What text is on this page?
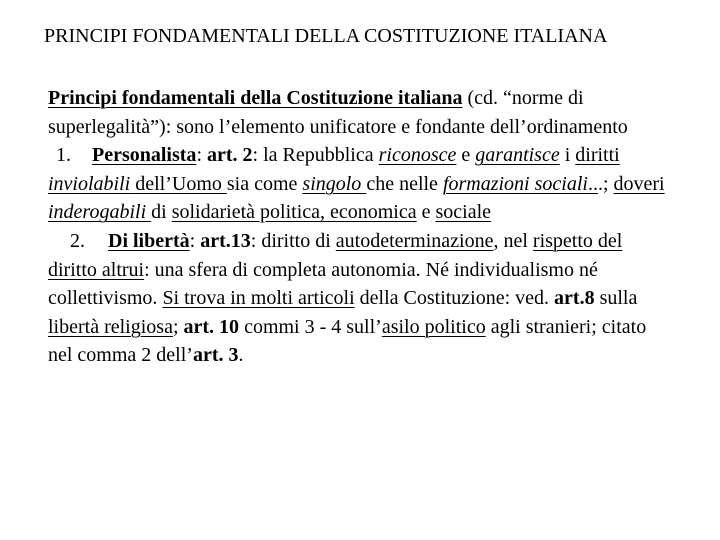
PRINCIPI FONDAMENTALI DELLA COSTITUZIONE ITALIANA

Principi fondamentali della Costituzione italiana (cd. “norme di superlegalità”): sono l’elemento unificatore e fondante dell’ordinamento

1. Personalista: art. 2: la Repubblica riconosce e garantisce i diritti inviolabili dell’Uomo sia come singolo che nelle formazioni sociali...; doveri inderogabili di solidarietà politica, economica e sociale

2. Di libertà: art.13: diritto di autodeterminazione, nel rispetto del diritto altrui: una sfera di completa autonomia. Né individualismo né collettivismo. Si trova in molti articoli della Costituzione: ved. art.8 sulla libertà religiosa; art. 10 commi 3 - 4 sull’asilo politico agli stranieri; citato nel comma 2 dell’art. 3.
